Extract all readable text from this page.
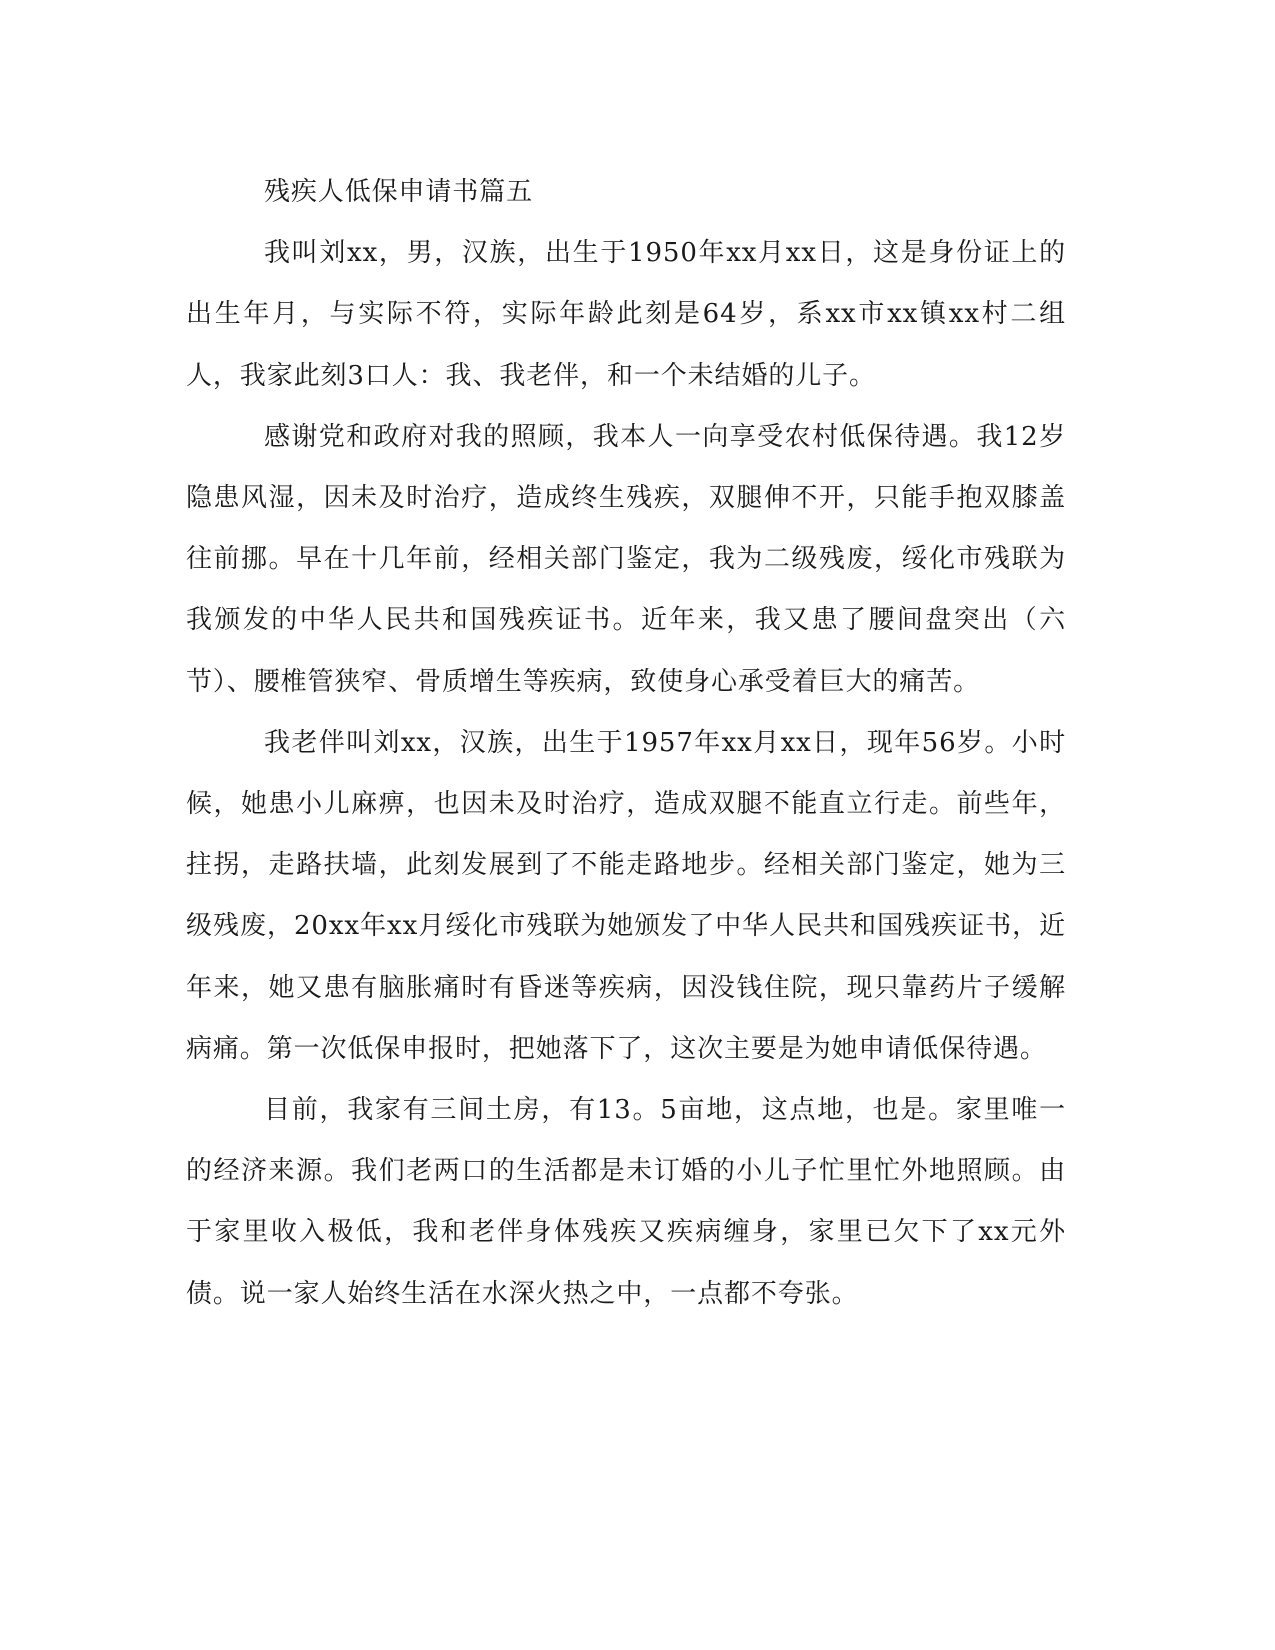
残疾人低保申请书篇五

我叫刘xx，男，汉族，出生于1950年xx月xx日，这是身份证上的出生年月，与实际不符，实际年龄此刻是64岁，系xx市xx镇xx村二组人，我家此刻3口人：我、我老伴，和一个未结婚的儿子。

感谢党和政府对我的照顾，我本人一向享受农村低保待遇。我12岁隐患风湿，因未及时治疗，造成终生残疾，双腿伸不开，只能手抱双膝盖往前挪。早在十几年前，经相关部门鉴定，我为二级残废，绥化市残联为我颁发的中华人民共和国残疾证书。近年来，我又患了腰间盘突出（六节）、腰椎管狭窄、骨质增生等疾病，致使身心承受着巨大的痛苦。

我老伴叫刘xx，汉族，出生于1957年xx月xx日，现年56岁。小时候，她患小儿麻痹，也因未及时治疗，造成双腿不能直立行走。前些年，拄拐，走路扶墙，此刻发展到了不能走路地步。经相关部门鉴定，她为三级残废，20xx年xx月绥化市残联为她颁发了中华人民共和国残疾证书，近年来，她又患有脑胀痛时有昏迷等疾病，因没钱住院，现只靠药片子缓解病痛。第一次低保申报时，把她落下了，这次主要是为她申请低保待遇。

目前，我家有三间土房，有13。5亩地，这点地，也是。家里唯一的经济来源。我们老两口的生活都是未订婚的小儿子忙里忙外地照顾。由于家里收入极低，我和老伴身体残疾又疾病缠身，家里已欠下了xx元外债。说一家人始终生活在水深火热之中，一点都不夸张。
